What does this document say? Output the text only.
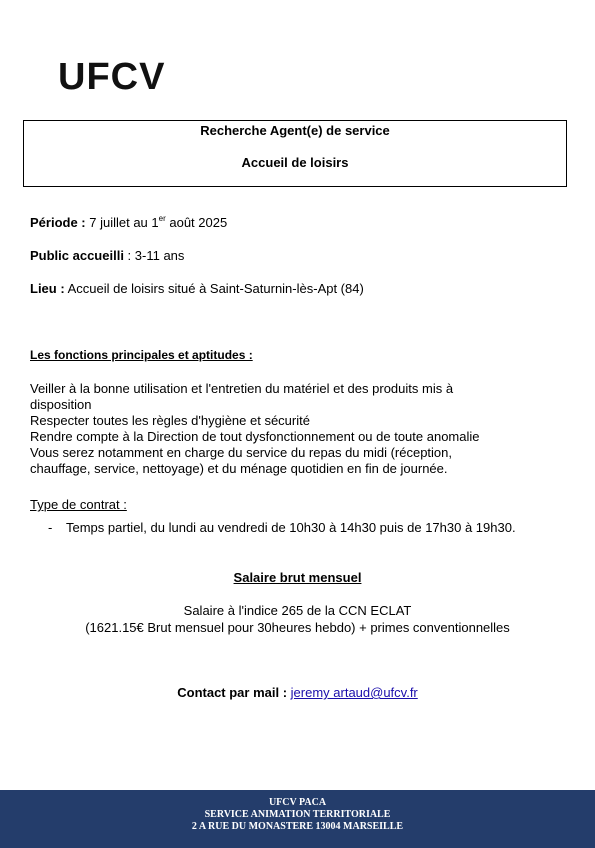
UFCV
Recherche Agent(e) de service
Accueil de loisirs
Période : 7 juillet au 1er août 2025
Public accueilli : 3-11 ans
Lieu : Accueil de loisirs situé à Saint-Saturnin-lès-Apt (84)
Les fonctions principales et aptitudes :
Veiller à la bonne utilisation et l'entretien du matériel et des produits mis à
disposition
Respecter toutes les règles d'hygiène et sécurité
Rendre compte à la Direction de tout dysfonctionnement ou de toute anomalie
Vous serez notamment en charge du service du repas du midi (réception,
chauffage, service, nettoyage) et du ménage quotidien en fin de journée.
Type de contrat :
- Temps partiel, du lundi au vendredi de 10h30 à 14h30 puis de 17h30 à 19h30.
Salaire brut mensuel
Salaire à l'indice 265 de la CCN ECLAT
(1621.15€ Brut mensuel pour 30heures hebdo) + primes conventionnelles
Contact par mail : jeremy artaud@ufcv.fr
UFCV PACA
SERVICE ANIMATION TERRITORIALE
2 A RUE DU MONASTERE 13004 MARSEILLE
